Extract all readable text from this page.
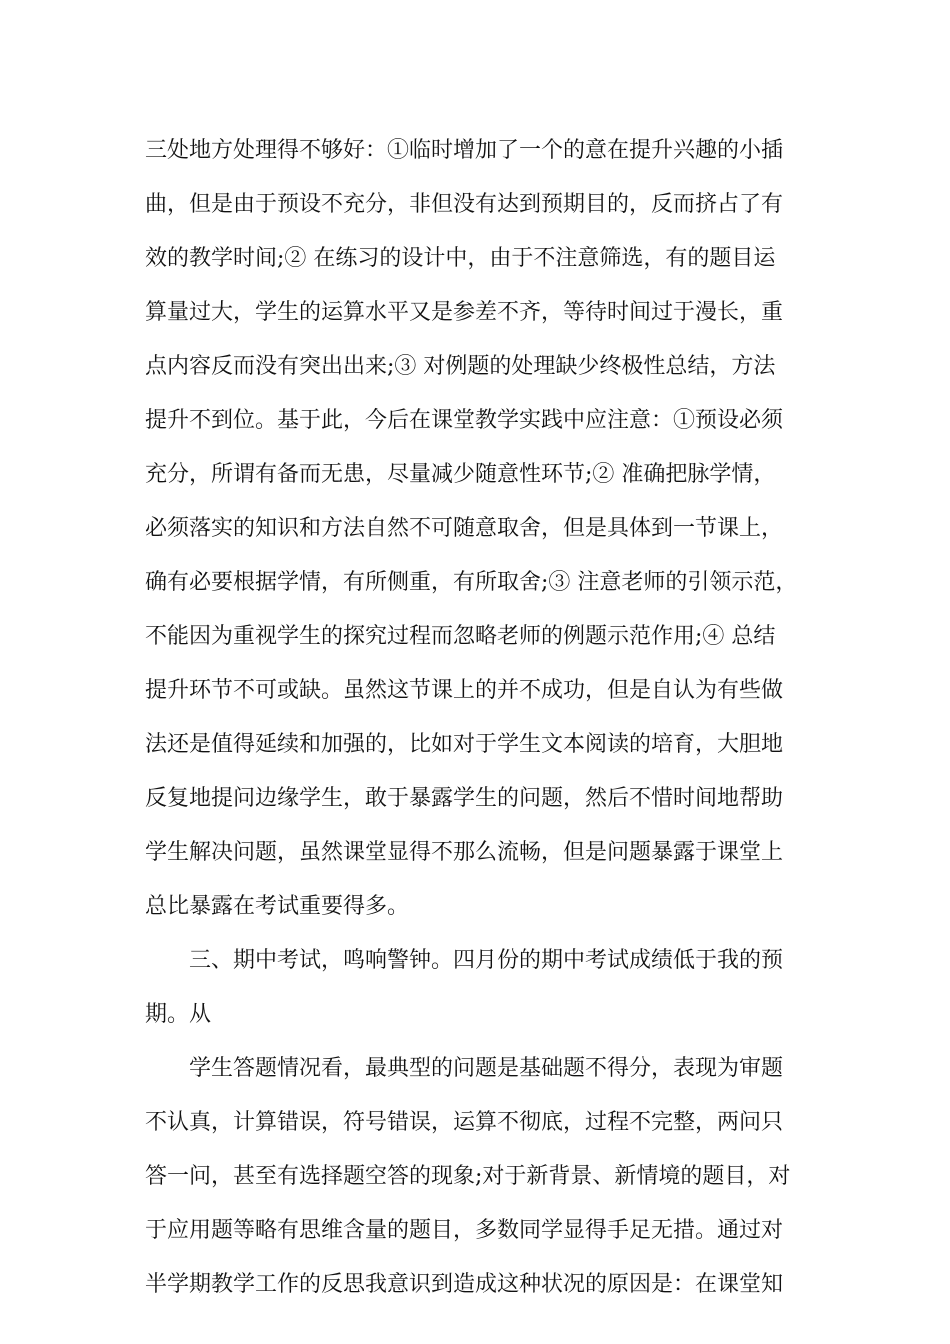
三处地方处理得不够好：①临时增加了一个的意在提升兴趣的小插
曲，但是由于预设不充分，非但没有达到预期目的，反而挤占了有
效的教学时间;② 在练习的设计中，由于不注意筛选，有的题目运
算量过大，学生的运算水平又是参差不齐，等待时间过于漫长，重
点内容反而没有突出出来;③ 对例题的处理缺少终极性总结，方法
提升不到位。基于此，今后在课堂教学实践中应注意：①预设必须
充分，所谓有备而无患，尽量减少随意性环节;② 准确把脉学情，
必须落实的知识和方法自然不可随意取舍，但是具体到一节课上，
确有必要根据学情，有所侧重，有所取舍;③ 注意老师的引领示范，
不能因为重视学生的探究过程而忽略老师的例题示范作用;④ 总结
提升环节不可或缺。虽然这节课上的并不成功，但是自认为有些做
法还是值得延续和加强的，比如对于学生文本阅读的培育，大胆地
反复地提问边缘学生，敢于暴露学生的问题，然后不惜时间地帮助
学生解决问题，虽然课堂显得不那么流畅，但是问题暴露于课堂上
总比暴露在考试重要得多。
三、期中考试，鸣响警钟。四月份的期中考试成绩低于我的预
期。从
学生答题情况看，最典型的问题是基础题不得分，表现为审题
不认真，计算错误，符号错误，运算不彻底，过程不完整，两问只
答一问，甚至有选择题空答的现象;对于新背景、新情境的题目，对
于应用题等略有思维含量的题目，多数同学显得手足无措。通过对
半学期教学工作的反思我意识到造成这种状况的原因是：在课堂知
